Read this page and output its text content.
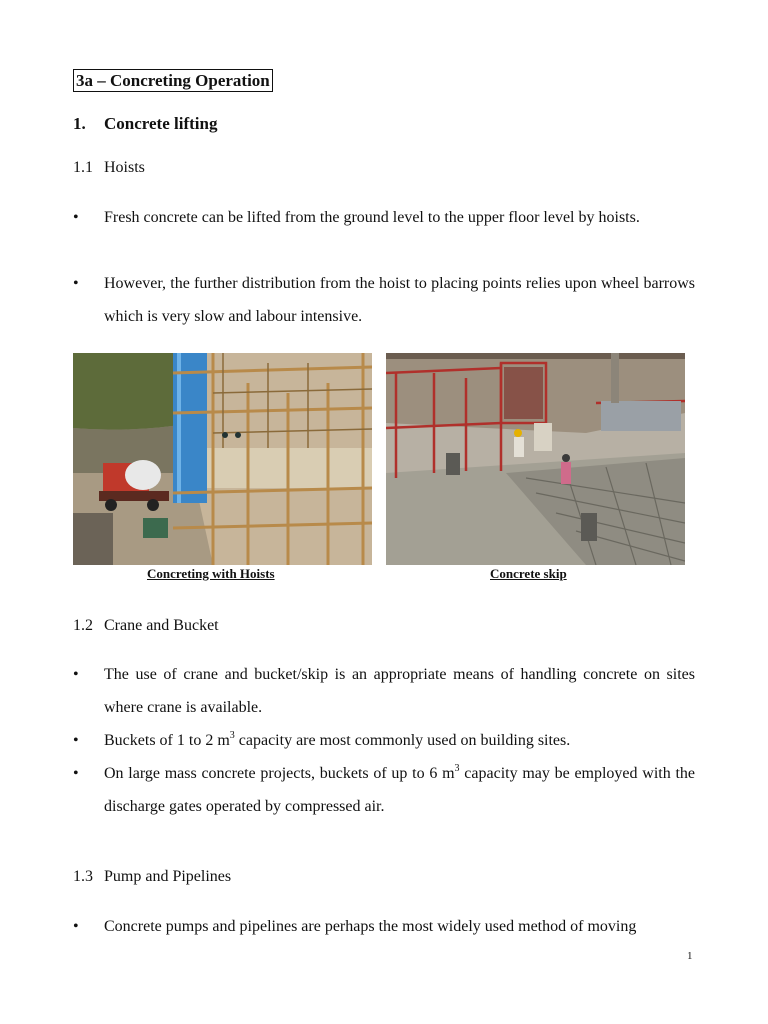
3a – Concreting Operation
1. Concrete lifting
1.1 Hoists
• Fresh concrete can be lifted from the ground level to the upper floor level by hoists.
• However, the further distribution from the hoist to placing points relies upon wheel barrows which is very slow and labour intensive.
Concreting with Hoists	Concrete skip
1.2 Crane and Bucket
• The use of crane and bucket/skip is an appropriate means of handling concrete on sites where crane is available.
• Buckets of 1 to 2 $m^3$ capacity are most commonly used on building sites.
• On large mass concrete projects, buckets of up to 6 $m^3$ capacity may be employed with the discharge gates operated by compressed air.
1.3 Pump and Pipelines
• Concrete pumps and pipelines are perhaps the most widely used method of moving
1
